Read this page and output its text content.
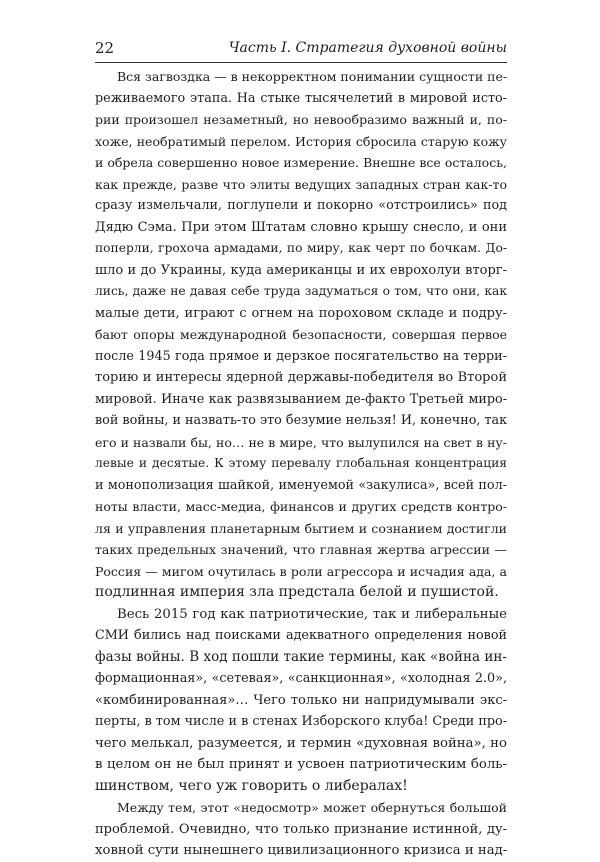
22	Часть I. Стратегия духовной войны

Вся загвоздка — в некорректном понимании сущности пе-
реживаемого этапа. На стыке тысячелетий в мировой исто-
рии произошел незаметный, но невообразимо важный и, по-
хоже, необратимый перелом. История сбросила старую кожу
и обрела совершенно новое измерение. Внешне все осталось,
как прежде, разве что элиты ведущих западных стран как-то
сразу измельчали, поглупели и покорно «отстроились» под
Дядю Сэма. При этом Штатам словно крышу снесло, и они
поперли, грохоча армадами, по миру, как черт по бочкам. До-
шло и до Украины, куда американцы и их еврохолуи вторг-
лись, даже не давая себе труда задуматься о том, что они, как
малые дети, играют с огнем на пороховом складе и подру-
бают опоры международной безопасности, совершая первое
после 1945 года прямое и дерзкое посягательство на терри-
торию и интересы ядерной державы-победителя во Второй
мировой. Иначе как развязыванием де-факто Третьей миро-
вой войны, и назвать-то это безумие нельзя! И, конечно, так
его и назвали бы, но… не в мире, что вылупился на свет в ну-
левые и десятые. К этому перевалу глобальная концентрация
и монополизация шайкой, именуемой «закулиса», всей пол-
ноты власти, масс-медиа, финансов и других средств контро-
ля и управления планетарным бытием и сознанием достигли
таких предельных значений, что главная жертва агрессии —
Россия — мигом очутилась в роли агрессора и исчадия ада, а
подлинная империя зла предстала белой и пушистой.

Весь 2015 год как патриотические, так и либеральные
СМИ бились над поисками адекватного определения новой
фазы войны. В ход пошли такие термины, как «война ин-
формационная», «сетевая», «санкционная», «холодная 2.0»,
«комбинированная»… Чего только ни напридумывали экс-
перты, в том числе и в стенах Изборского клуба! Среди про-
чего мелькал, разумеется, и термин «духовная война», но
в целом он не был принят и усвоен патриотическим боль-
шинством, чего уж говорить о либералах!

Между тем, этот «недосмотр» может обернуться большой
проблемой. Очевидно, что только признание истинной, ду-
ховной сути нынешнего цивилизационного кризиса и над-
